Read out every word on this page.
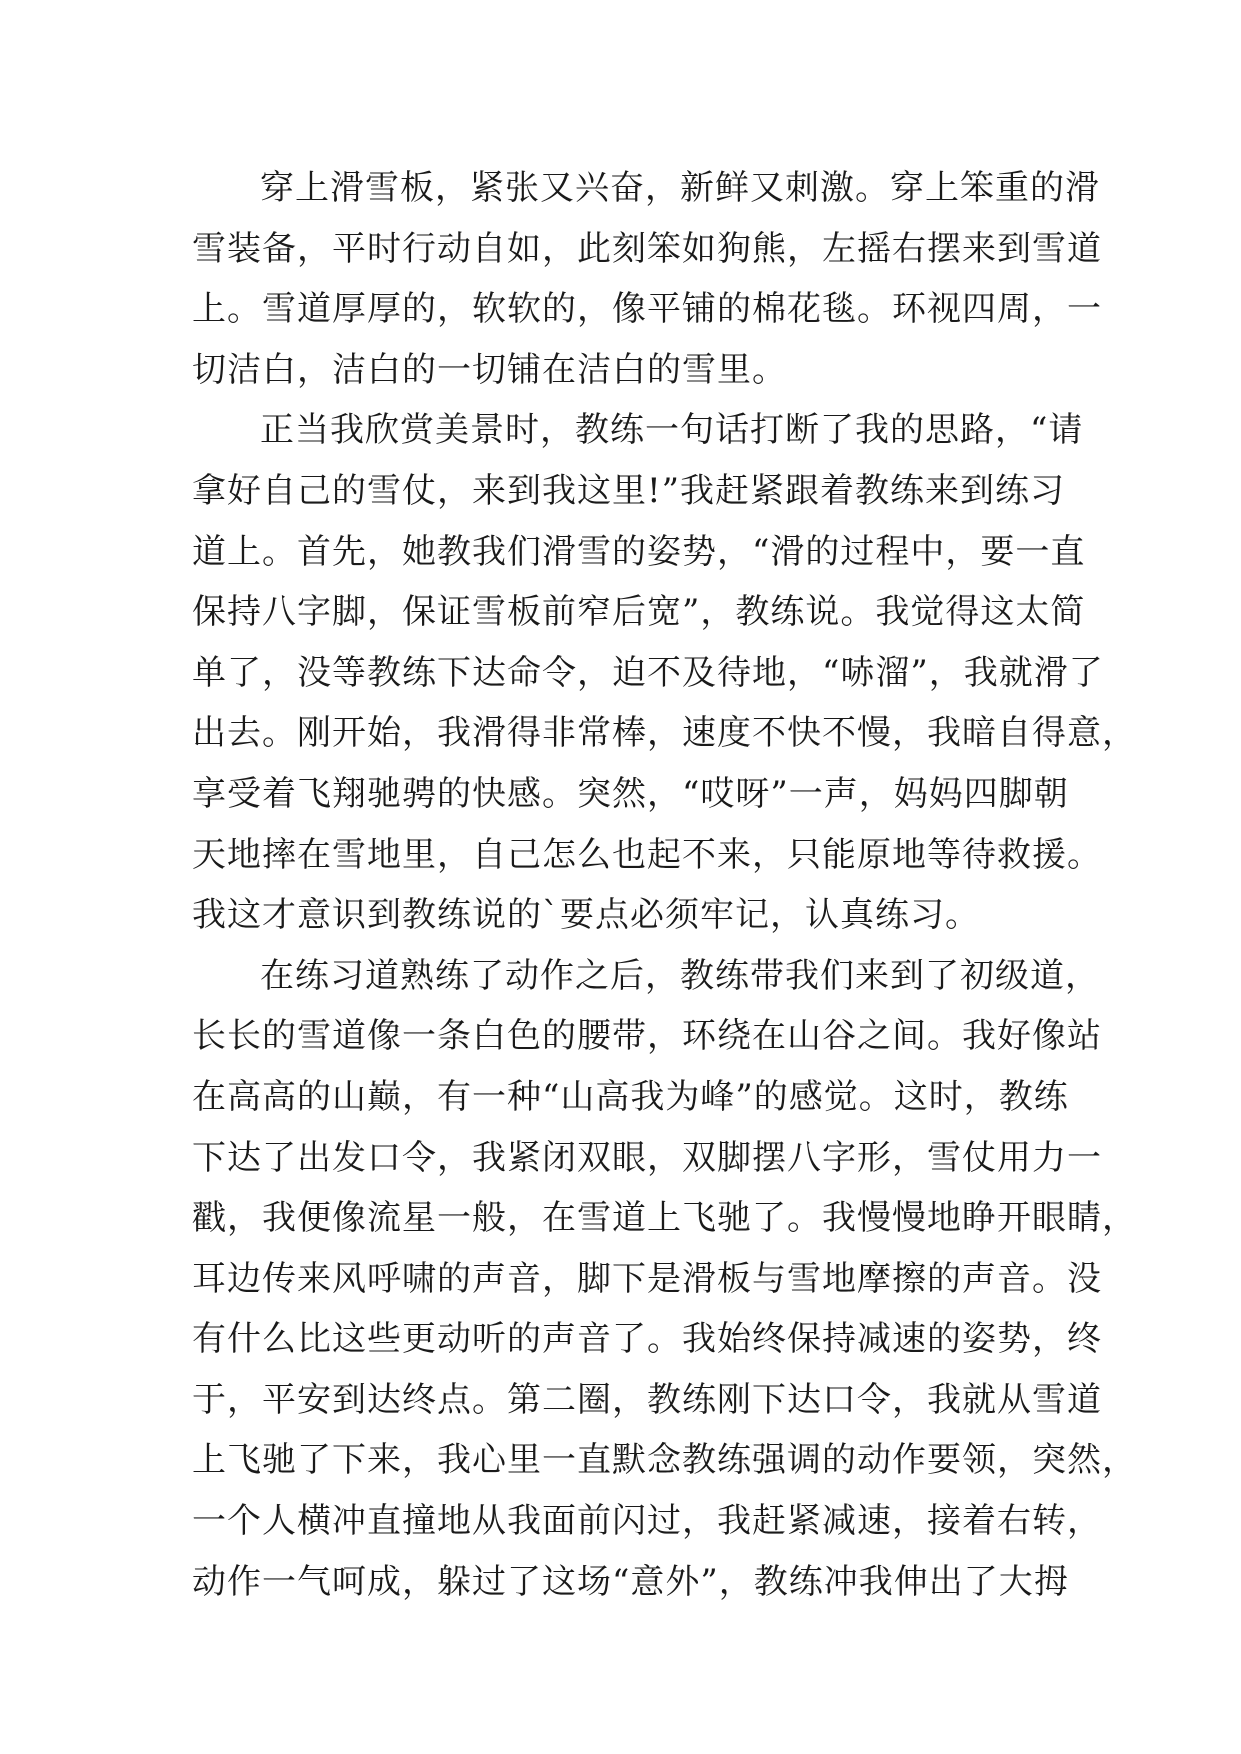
穿上滑雪板，紧张又兴奋，新鲜又刺激。穿上笨重的滑
雪装备，平时行动自如，此刻笨如狗熊，左摇右摆来到雪道
上。雪道厚厚的，软软的，像平铺的棉花毯。环视四周，一
切洁白，洁白的一切铺在洁白的雪里。
正当我欣赏美景时，教练一句话打断了我的思路，“请
拿好自己的雪仗，来到我这里!”我赶紧跟着教练来到练习
道上。首先，她教我们滑雪的姿势，“滑的过程中，要一直
保持八字脚，保证雪板前窄后宽”，教练说。我觉得这太简
单了，没等教练下达命令，迫不及待地，“哧溜”，我就滑了
出去。刚开始，我滑得非常棒，速度不快不慢，我暗自得意，
享受着飞翔驰骋的快感。突然，“哎呀”一声，妈妈四脚朝
天地摔在雪地里，自己怎么也起不来，只能原地等待救援。
我这才意识到教练说的`要点必须牢记，认真练习。
在练习道熟练了动作之后，教练带我们来到了初级道，
长长的雪道像一条白色的腰带，环绕在山谷之间。我好像站
在高高的山巅，有一种“山高我为峰”的感觉。这时，教练
下达了出发口令，我紧闭双眼，双脚摆八字形，雪仗用力一
戳，我便像流星一般，在雪道上飞驰了。我慢慢地睁开眼睛，
耳边传来风呼啸的声音，脚下是滑板与雪地摩擦的声音。没
有什么比这些更动听的声音了。我始终保持减速的姿势，终
于，平安到达终点。第二圈，教练刚下达口令，我就从雪道
上飞驰了下来，我心里一直默念教练强调的动作要领，突然，
一个人横冲直撞地从我面前闪过，我赶紧减速，接着右转，
动作一气呵成，躲过了这场“意外”，教练冲我伸出了大拇
